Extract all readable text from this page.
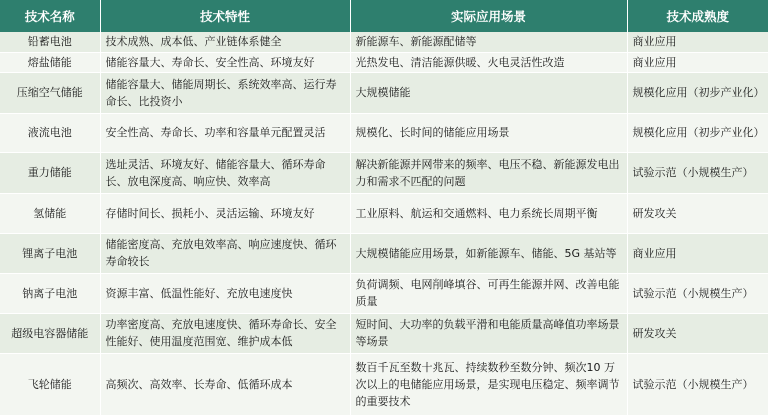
技术名称	技术特性	实际应用场景	技术成熟度
铅蓄电池	技术成熟、成本低、产业链体系健全	新能源车、新能源配储等	商业应用
熔盐储能	储能容量大、寿命长、安全性高、环境友好	光热发电、清洁能源供暖、火电灵活性改造	商业应用
压缩空气储能	储能容量大、储能周期长、系统效率高、运行寿命长、比投资小	大规模储能	规模化应用（初步产业化）
液流电池	安全性高、寿命长、功率和容量单元配置灵活	规模化、长时间的储能应用场景	规模化应用（初步产业化）
重力储能	选址灵活、环境友好、储能容量大、循环寿命长、放电深度高、响应快、效率高	解决新能源并网带来的频率、电压不稳、新能源发电出力和需求不匹配的问题	试验示范（小规模生产）
氢储能	存储时间长、损耗小、灵活运输、环境友好	工业原料、航运和交通燃料、电力系统长周期平衡	研发攻关
锂离子电池	储能密度高、充放电效率高、响应速度快、循环寿命较长	大规模储能应用场景，如新能源车、储能、5G 基站等	商业应用
钠离子电池	资源丰富、低温性能好、充放电速度快	负荷调频、电网削峰填谷、可再生能源并网、改善电能质量	试验示范（小规模生产）
超级电容器储能	功率密度高、充放电速度快、循环寿命长、安全性能好、使用温度范围宽、维护成本低	短时间、大功率的负载平滑和电能质量高峰值功率场景等场景	研发攻关
飞轮储能	高频次、高效率、长寿命、低循环成本	数百千瓦至数十兆瓦、持续数秒至数分钟、频次10 万次以上的电储能应用场景，是实现电压稳定、频率调节的重要技术	试验示范（小规模生产）
